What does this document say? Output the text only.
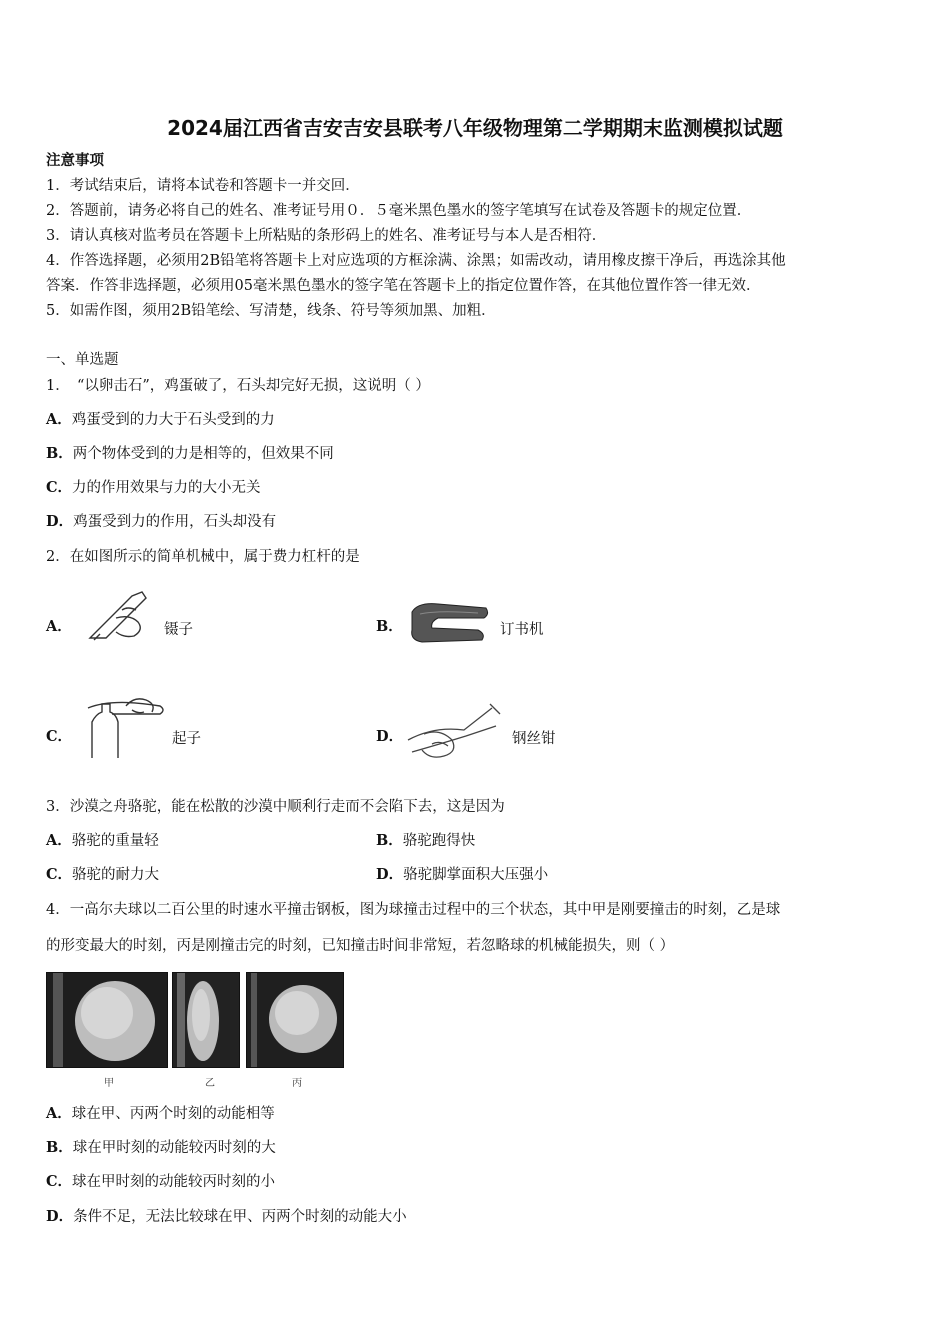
2024届江西省吉安吉安县联考八年级物理第二学期期末监测模拟试题
注意事项
1．考试结束后，请将本试卷和答题卡一并交回．
2．答题前，请务必将自己的姓名、准考证号用０．５毫米黑色墨水的签字笔填写在试卷及答题卡的规定位置．
3．请认真核对监考员在答题卡上所粘贴的条形码上的姓名、准考证号与本人是否相符．
4．作答选择题，必须用2B铅笔将答题卡上对应选项的方框涂满、涂黑；如需改动，请用橡皮擦干净后，再选涂其他
答案．作答非选择题，必须用05毫米黑色墨水的签字笔在答题卡上的指定位置作答，在其他位置作答一律无效．
5．如需作图，须用2B铅笔绘、写清楚，线条、符号等须加黑、加粗．
一、单选题
1．　“以卵击石”，鸡蛋破了，石头却完好无损，这说明（ ）
A．鸡蛋受到的力大于石头受到的力
B．两个物体受到的力是相等的，但效果不同
C．力的作用效果与力的大小无关
D．鸡蛋受到力的作用，石头却没有
2．在如图所示的简单机械中，属于费力杠杆的是
A．	镊子	B．	订书机
C．	起子	D．	钢丝钳
3．沙漠之舟骆驼，能在松散的沙漠中顺利行走而不会陷下去，这是因为
A．骆驼的重量轻	B．骆驼跑得快
C．骆驼的耐力大	D．骆驼脚掌面积大压强小
4．一高尔夫球以二百公里的时速水平撞击钢板，图为球撞击过程中的三个状态，其中甲是刚要撞击的时刻，乙是球
的形变最大的时刻，丙是刚撞击完的时刻，已知撞击时间非常短，若忽略球的机械能损失，则（ ）
甲	乙	丙
A．球在甲、丙两个时刻的动能相等
B．球在甲时刻的动能较丙时刻的大
C．球在甲时刻的动能较丙时刻的小
D．条件不足，无法比较球在甲、丙两个时刻的动能大小
